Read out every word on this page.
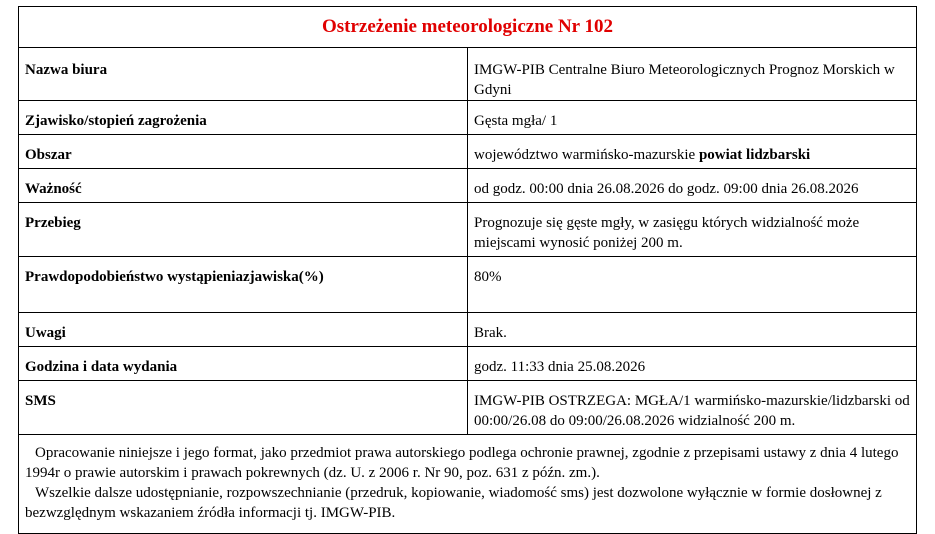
Ostrzeżenie meteorologiczne Nr 102	
Nazwa biura	IMGW-PIB Centralne Biuro Meteorologicznych Prognoz Morskich w Gdyni
Zjawisko/stopień zagrożenia	Gęsta mgła/ 1
Obszar	województwo warmińsko-mazurskie powiat lidzbarski
Ważność	od godz. 00:00 dnia 26.08.2026 do godz. 09:00 dnia 26.08.2026
Przebieg	Prognozuje się gęste mgły, w zasięgu których widzialność może miejscami wynosić poniżej 200 m.
Prawdopodobieństwo wystąpieniazjawiska(%)	80%
Uwagi	Brak.
Godzina i data wydania	godz. 11:33 dnia 25.08.2026
SMS	IMGW-PIB OSTRZEGA: MGŁA/1 warmińsko-mazurskie/lidzbarski od 00:00/26.08 do 09:00/26.08.2026 widzialność 200 m.
Opracowanie niniejsze i jego format, jako przedmiot prawa autorskiego podlega ochronie prawnej, zgodnie z przepisami ustawy z dnia 4 lutego 1994r o prawie autorskim i prawach pokrewnych (dz. U. z 2006 r. Nr 90, poz. 631 z późn. zm.).
Wszelkie dalsze udostępnianie, rozpowszechnianie (przedruk, kopiowanie, wiadomość sms) jest dozwolone wyłącznie w formie dosłownej z bezwzględnym wskazaniem źródła informacji tj. IMGW-PIB.	
